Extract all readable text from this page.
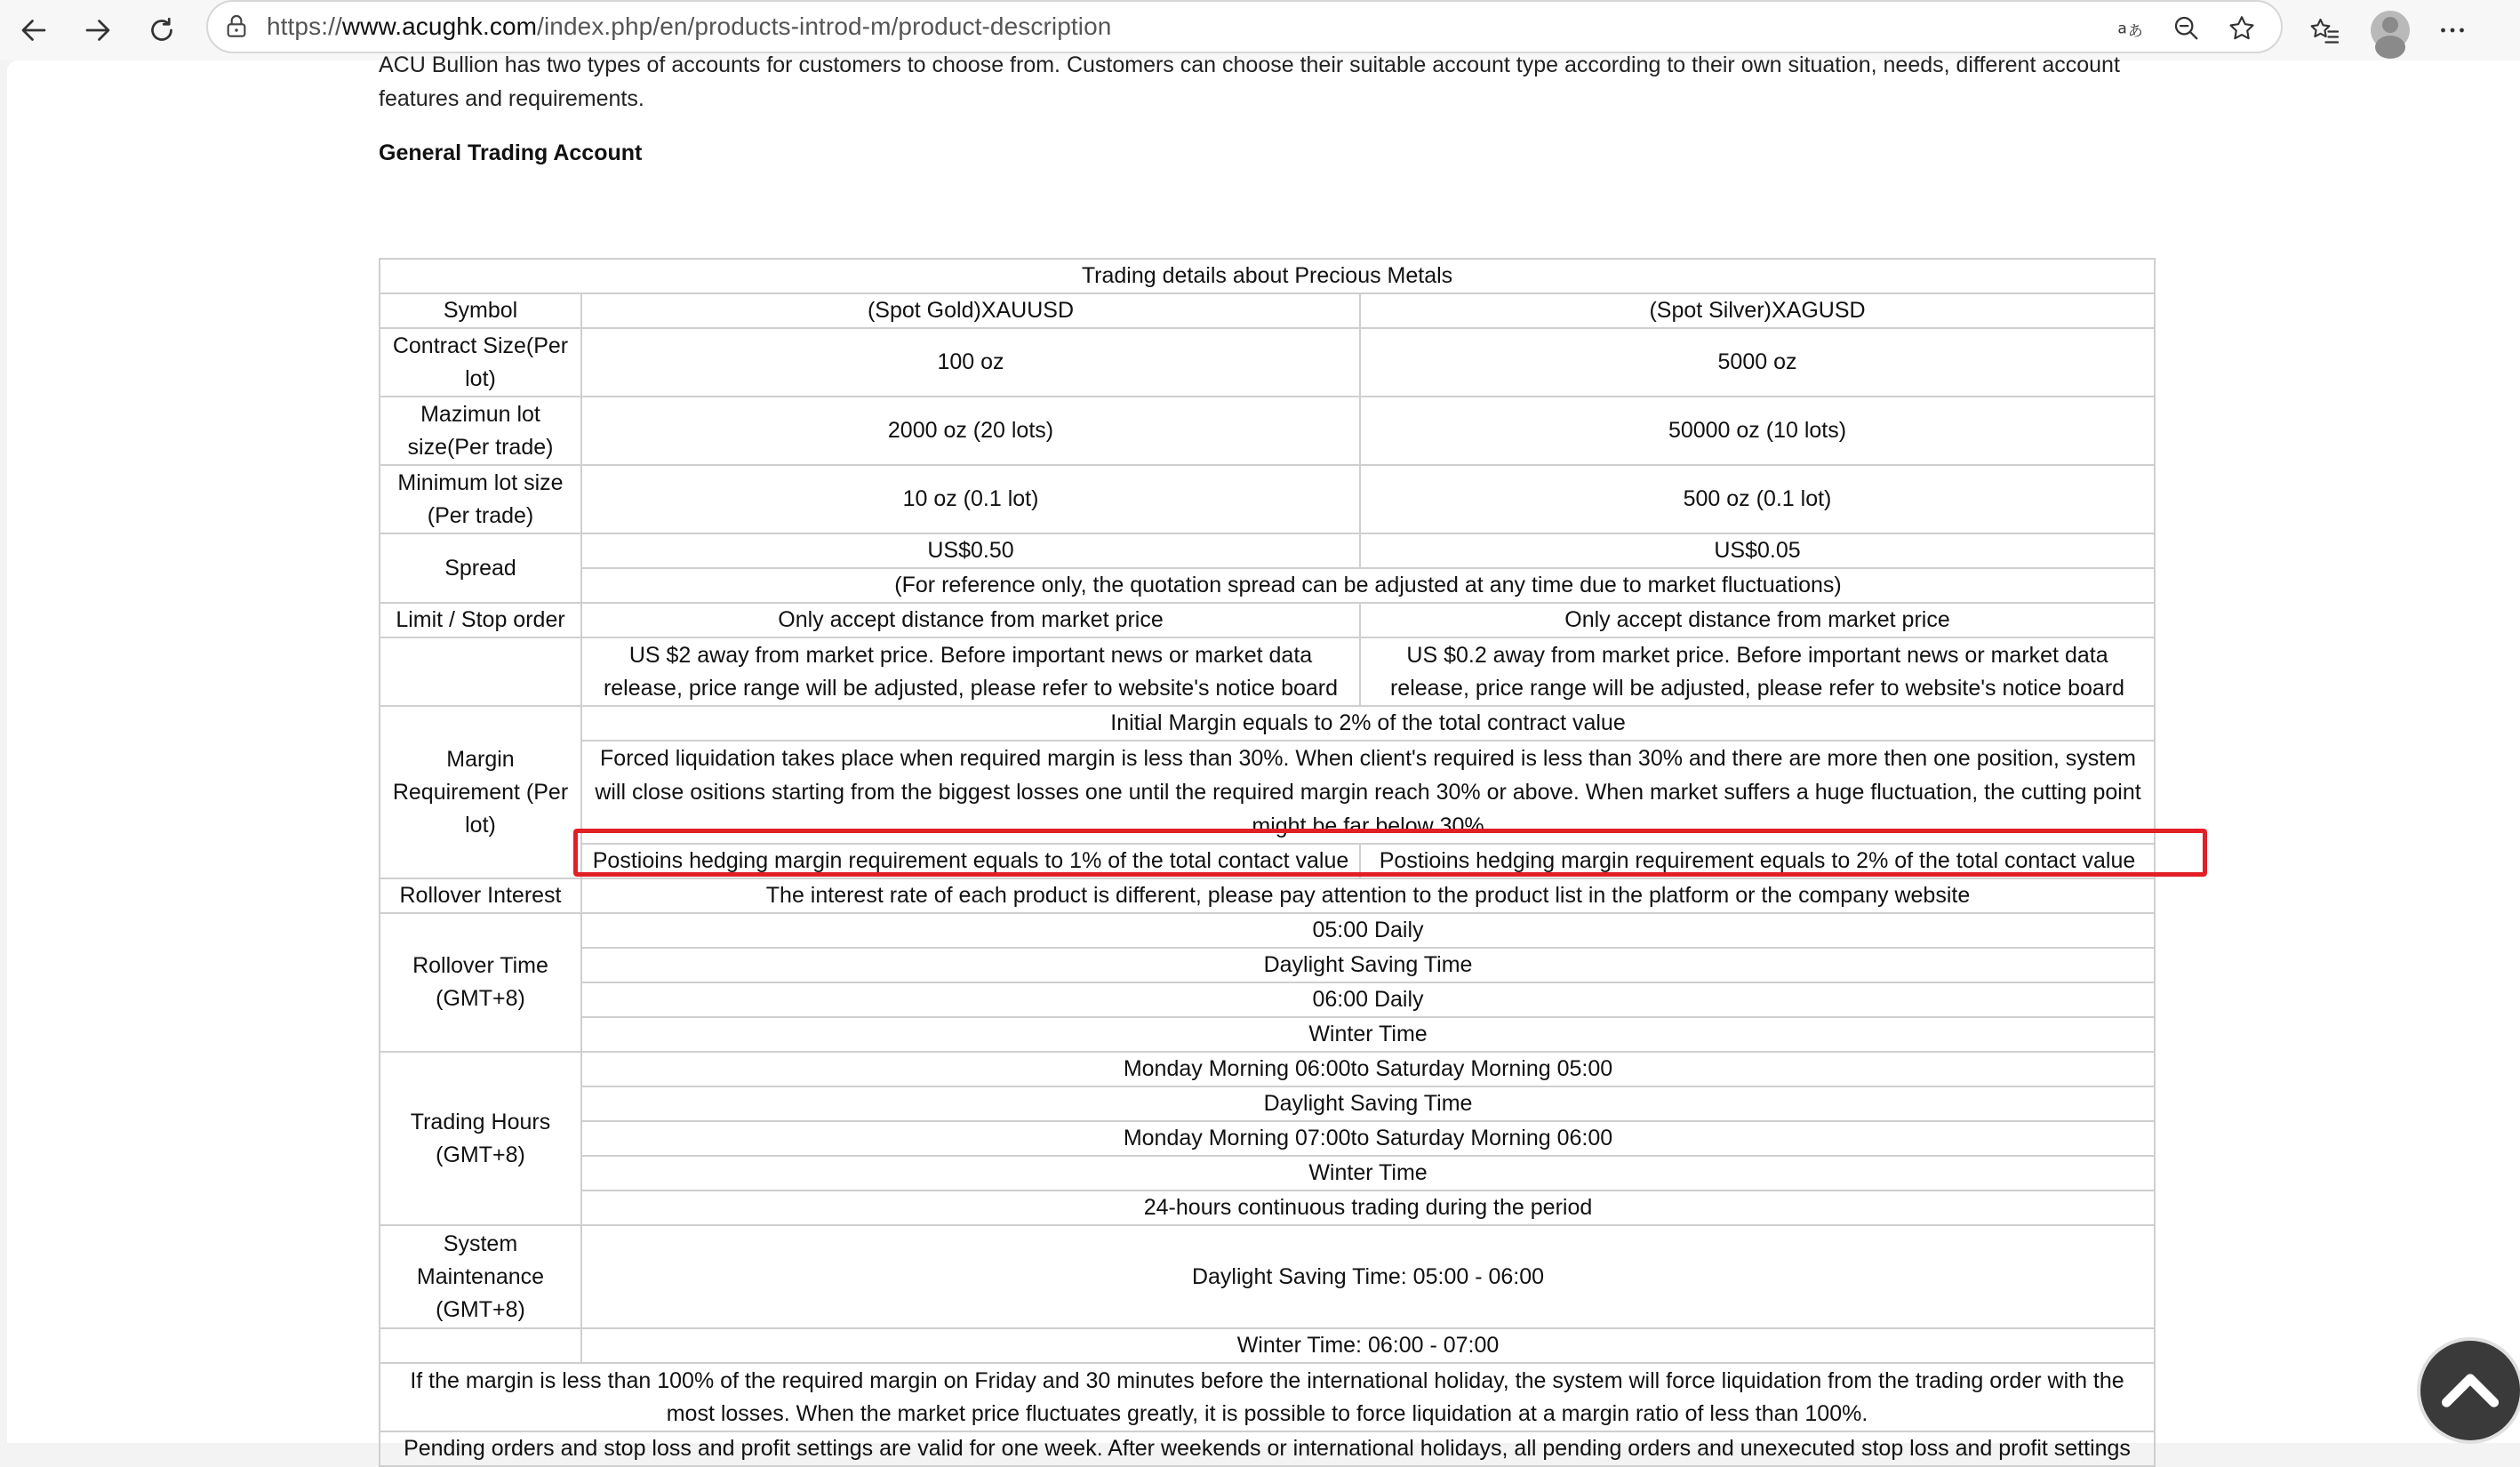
https://www.acughk.com/index.php/en/products-introd-m/product-description	a あ
ACU Bullion has two types of accounts for customers to choose from. Customers can choose their suitable account type according to their own situation, needs, different account features and requirements.
General Trading Account
Trading details about Precious Metals		
Symbol	(Spot Gold)XAUUSD	(Spot Silver)XAGUSD
Contract Size(Per lot)	100 oz	5000 oz
Mazimun lot size(Per trade)	2000 oz (20 lots)	50000 oz (10 lots)
Minimum lot size (Per trade)	10 oz (0.1 lot)	500 oz (0.1 lot)
Spread	US$0.50	US$0.05
	(For reference only, the quotation spread can be adjusted at any time due to market fluctuations)	
Limit / Stop order	Only accept distance from market price	Only accept distance from market price
	US $2 away from market price. Before important news or market data release, price range will be adjusted, please refer to website's notice board	US $0.2 away from market price. Before important news or market data release, price range will be adjusted, please refer to website's notice board
Margin Requirement (Per lot)	Initial Margin equals to 2% of the total contract value	
	Forced liquidation takes place when required margin is less than 30%. When client's required is less than 30% and there are more then one position, system will close ositions starting from the biggest losses one until the required margin reach 30% or above. When market suffers a huge fluctuation, the cutting point might be far below 30%	
	Postioins hedging margin requirement equals to 1% of the total contact value	Postioins hedging margin requirement equals to 2% of the total contact value
Rollover Interest	The interest rate of each product is different, please pay attention to the product list in the platform or the company website	
Rollover Time (GMT+8)	05:00 Daily	
	Daylight Saving Time	
	06:00 Daily	
	Winter Time	
Trading Hours (GMT+8)	Monday Morning 06:00to Saturday Morning 05:00	
	Daylight Saving Time	
	Monday Morning 07:00to Saturday Morning 06:00	
	Winter Time	
	24-hours continuous trading during the period	
System Maintenance (GMT+8)	Daylight Saving Time: 05:00 - 06:00	
	Winter Time: 06:00 - 07:00	
If the margin is less than 100% of the required margin on Friday and 30 minutes before the international holiday, the system will force liquidation from the trading order with the most losses. When the market price fluctuates greatly, it is possible to force liquidation at a margin ratio of less than 100%.		
Pending orders and stop loss and profit settings are valid for one week. After weekends or international holidays, all pending orders and unexecuted stop loss and profit settings		
